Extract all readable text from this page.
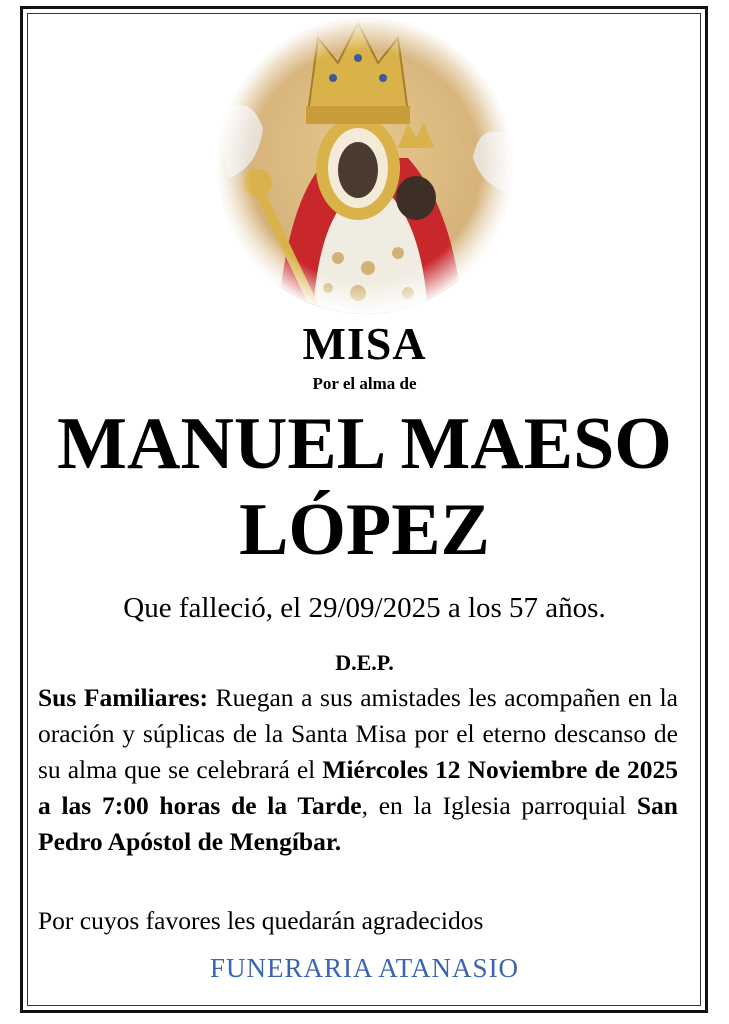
MISA
Por el alma de
MANUEL MAESO
LÓPEZ
Que falleció, el 29/09/2025 a los 57 años.
D.E.P.
Sus Familiares: Ruegan a sus amistades les acompañen en la oración y súplicas de la Santa Misa por el eterno descanso de su alma que se celebrará el Miércoles 12 Noviembre de 2025 a las 7:00 horas de la Tarde, en la Iglesia parroquial San Pedro Apóstol de Mengíbar.
Por cuyos favores les quedarán agradecidos
FUNERARIA ATANASIO
